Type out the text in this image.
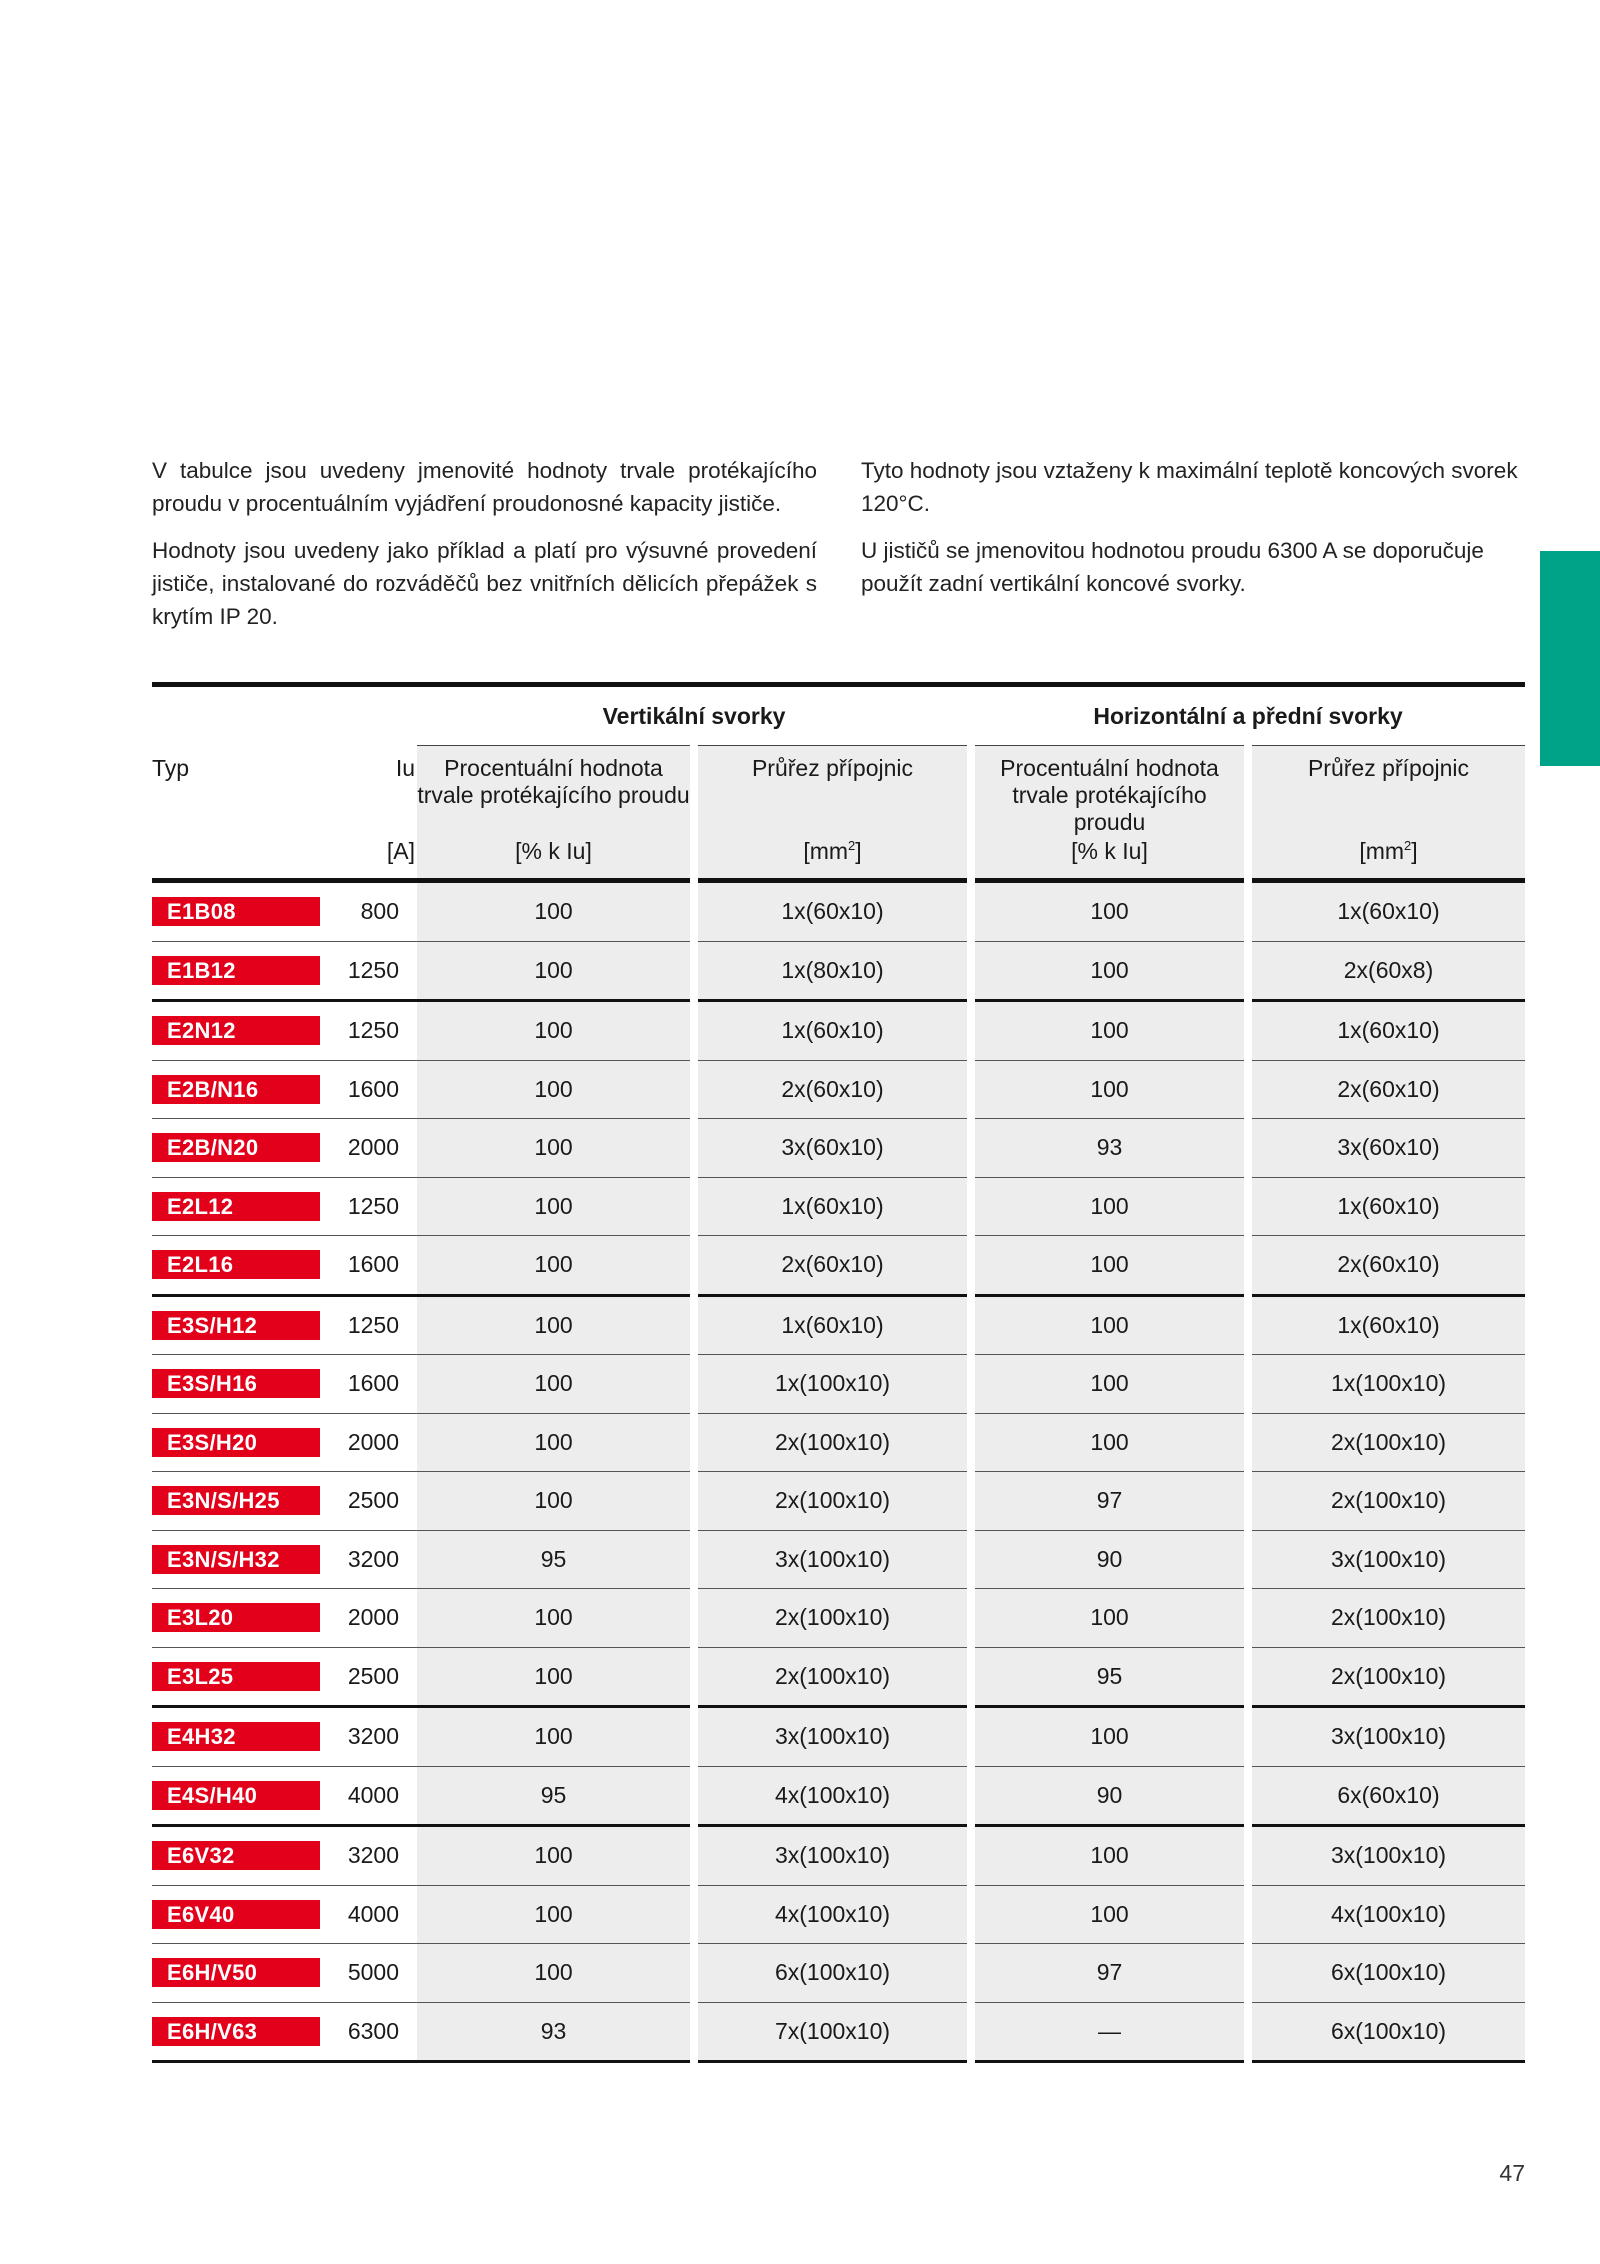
V tabulce jsou uvedeny jmenovité hodnoty trvale protékajícího proudu v procentuálním vyjádření proudonosné kapacity jističe.

Hodnoty jsou uvedeny jako příklad a platí pro výsuvné provedení jističe, instalované do rozváděčů bez vnitřních dělicích přepážek s krytím IP 20.

Tyto hodnoty jsou vztaženy k maximální teplotě koncových svorek 120°C.

U jističů se jmenovitou hodnotou proudu 6300 A se doporučuje použít zadní vertikální koncové svorky.

		Vertikální svorky		Horizontální a přední svorky	
Typ	Iu	Procentuální hodnota trvale protékajícího proudu	Průřez přípojnic	Procentuální hodnota trvale protékajícího proudu	Průřez přípojnic
	[A]	[% k Iu]	$[mm^2]$	[% k Iu]	$[mm^2]$
E1B08	800	100	1x(60x10)	100	1x(60x10)
E1B12	1250	100	1x(80x10)	100	2x(60x8)
E2N12	1250	100	1x(60x10)	100	1x(60x10)
E2B/N16	1600	100	2x(60x10)	100	2x(60x10)
E2B/N20	2000	100	3x(60x10)	93	3x(60x10)
E2L12	1250	100	1x(60x10)	100	1x(60x10)
E2L16	1600	100	2x(60x10)	100	2x(60x10)
E3S/H12	1250	100	1x(60x10)	100	1x(60x10)
E3S/H16	1600	100	1x(100x10)	100	1x(100x10)
E3S/H20	2000	100	2x(100x10)	100	2x(100x10)
E3N/S/H25	2500	100	2x(100x10)	97	2x(100x10)
E3N/S/H32	3200	95	3x(100x10)	90	3x(100x10)
E3L20	2000	100	2x(100x10)	100	2x(100x10)
E3L25	2500	100	2x(100x10)	95	2x(100x10)
E4H32	3200	100	3x(100x10)	100	3x(100x10)
E4S/H40	4000	95	4x(100x10)	90	6x(60x10)
E6V32	3200	100	3x(100x10)	100	3x(100x10)
E6V40	4000	100	4x(100x10)	100	4x(100x10)
E6H/V50	5000	100	6x(100x10)	97	6x(100x10)
E6H/V63	6300	93	7x(100x10)	—	6x(100x10)
47
